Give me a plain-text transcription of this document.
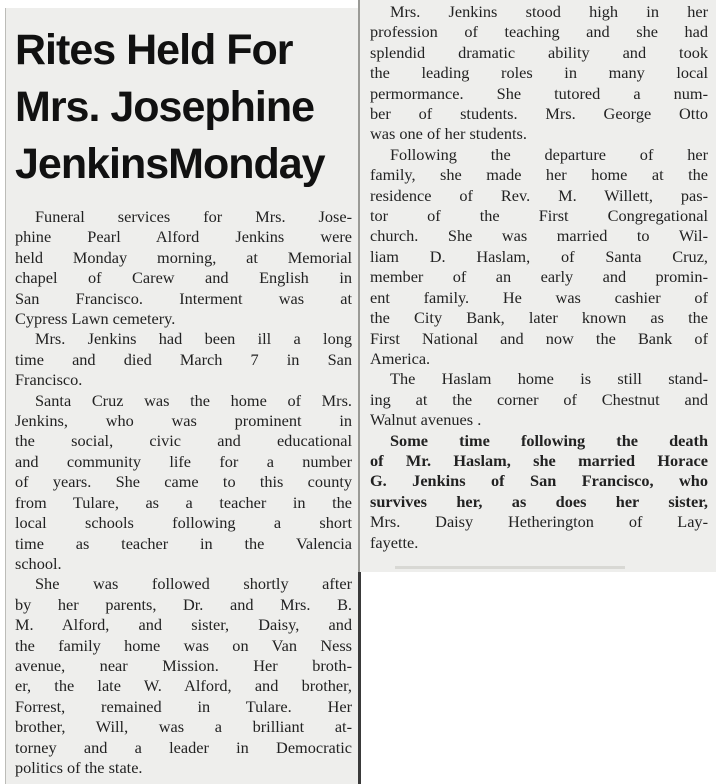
Rites Held For
Mrs. Josephine
JenkinsMonday
Funeral services for Mrs. Jose-
phine Pearl Alford Jenkins were
held Monday morning, at Memorial
chapel of Carew and English in
San Francisco. Interment was at
Cypress Lawn cemetery.
Mrs. Jenkins had been ill a long
time and died March 7 in San
Francisco.
Santa Cruz was the home of Mrs.
Jenkins, who was prominent in
the social, civic and educational
and community life for a number
of years. She came to this county
from Tulare, as a teacher in the
local schools following a short
time as teacher in the Valencia
school.
She was followed shortly after
by her parents, Dr. and Mrs. B.
M. Alford, and sister, Daisy, and
the family home was on Van Ness
avenue, near Mission. Her broth-
er, the late W. Alford, and brother,
Forrest, remained in Tulare. Her
brother, Will, was a brilliant at-
torney and a leader in Democratic
politics of the state.
Mrs. Jenkins stood high in her
profession of teaching and she had
splendid dramatic ability and took
the leading roles in many local
permormance. She tutored a num-
ber of students. Mrs. George Otto
was one of her students.
Following the departure of her
family, she made her home at the
residence of Rev. M. Willett, pas-
tor of the First Congregational
church. She was married to Wil-
liam D. Haslam, of Santa Cruz,
member of an early and promin-
ent family. He was cashier of
the City Bank, later known as the
First National and now the Bank of
America.
The Haslam home is still stand-
ing at the corner of Chestnut and
Walnut avenues .
Some time following the death
of Mr. Haslam, she married Horace
G. Jenkins of San Francisco, who
survives her, as does her sister,
Mrs. Daisy Hetherington of Lay-
fayette.
